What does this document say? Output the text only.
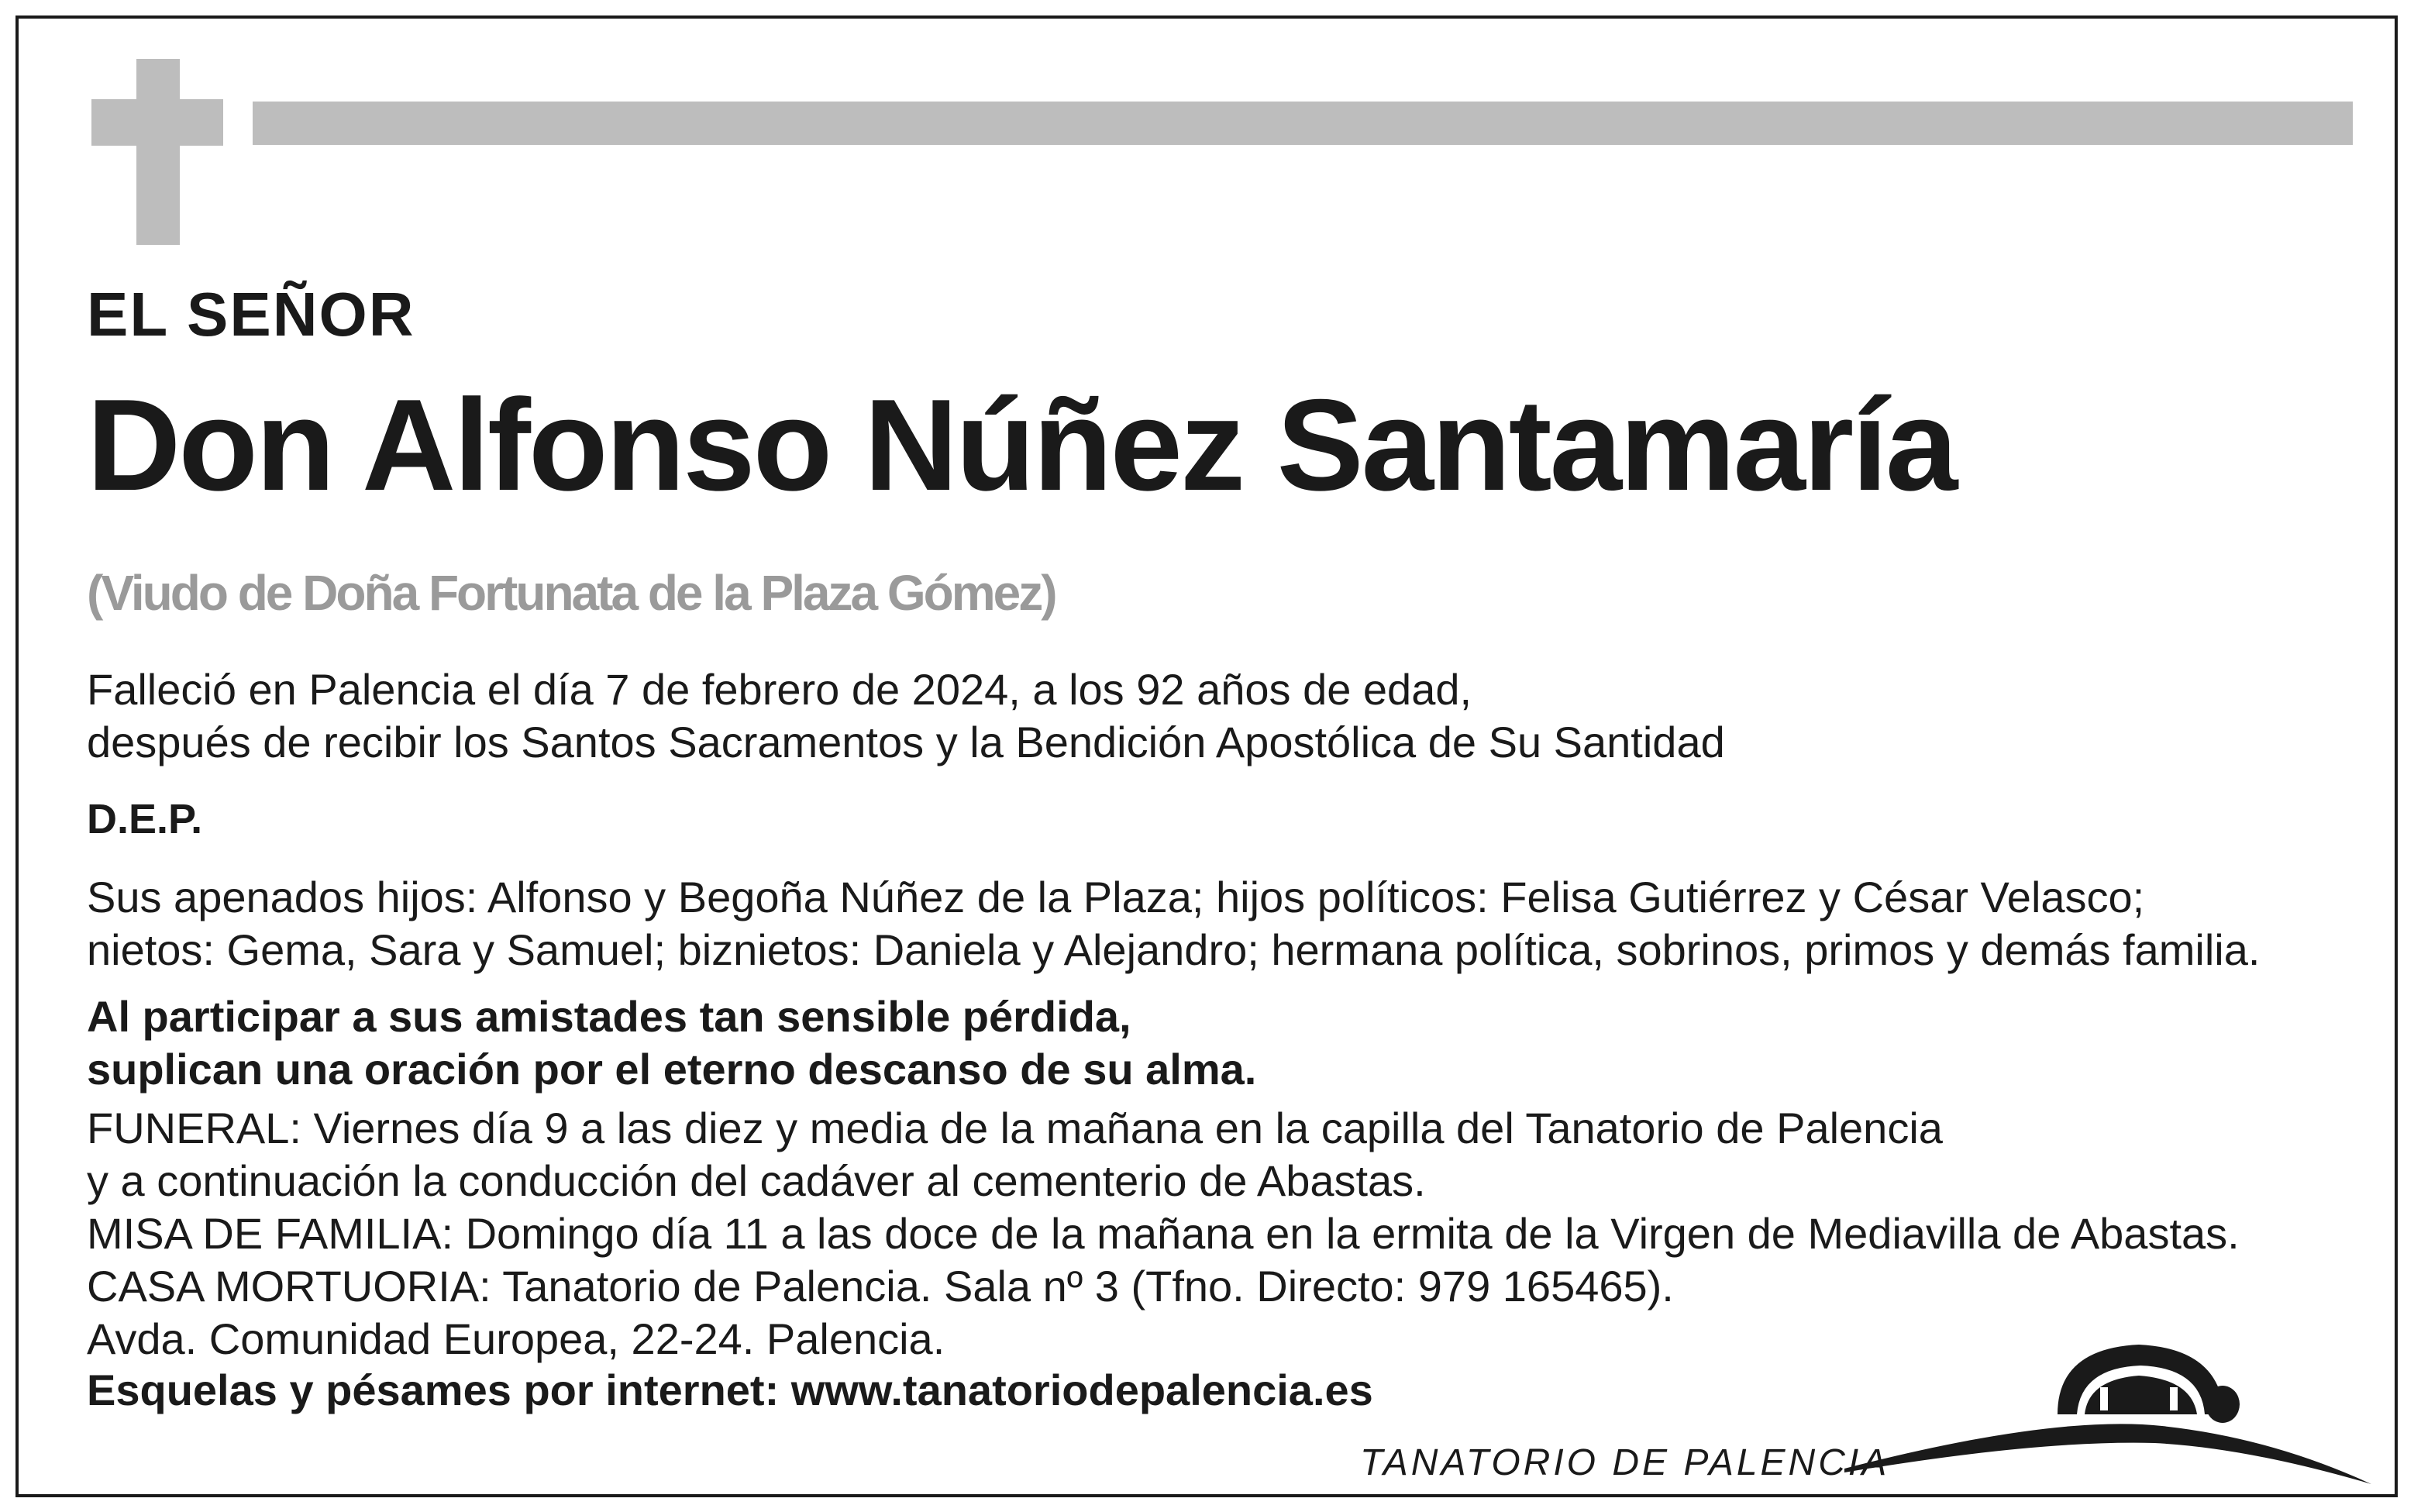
EL SEÑOR

Don Alfonso Núñez Santamaría

(Viudo de Doña Fortunata de la Plaza Gómez)

Falleció en Palencia el día 7 de febrero de 2024, a los 92 años de edad,
después de recibir los Santos Sacramentos y la Bendición Apostólica de Su Santidad

D.E.P.

Sus apenados hijos: Alfonso y Begoña Núñez de la Plaza; hijos políticos: Felisa Gutiérrez y César Velasco;
nietos: Gema, Sara y Samuel; biznietos: Daniela y Alejandro; hermana política, sobrinos, primos y demás familia.
Al participar a sus amistades tan sensible pérdida,
suplican una oración por el eterno descanso de su alma.
FUNERAL: Viernes día 9 a las diez y media de la mañana en la capilla del Tanatorio de Palencia
y a continuación la conducción del cadáver al cementerio de Abastas.
MISA DE FAMILIA: Domingo día 11 a las doce de la mañana en la ermita de la Virgen de Mediavilla de Abastas.
CASA MORTUORIA: Tanatorio de Palencia. Sala nº 3 (Tfno. Directo: 979 165465).
Avda. Comunidad Europea, 22-24. Palencia.

Esquelas y pésames por internet: www.tanatoriodepalencia.es

TANATORIO DE PALENCIA
